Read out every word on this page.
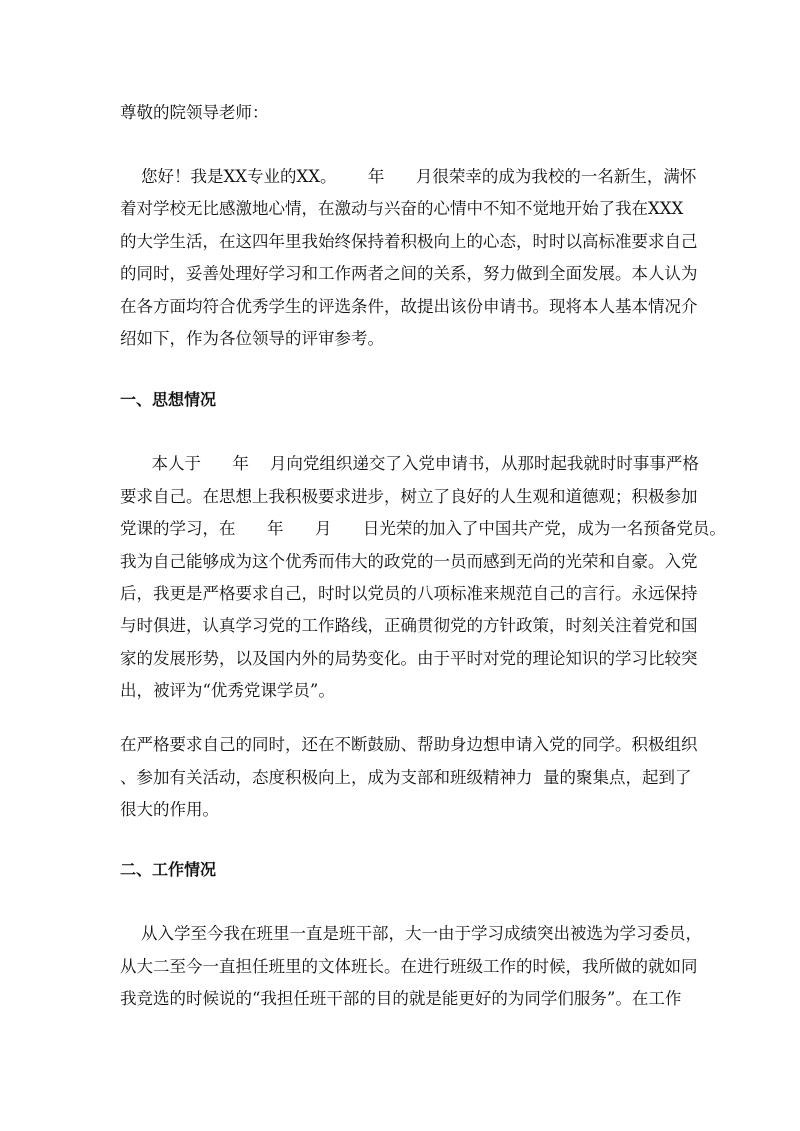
尊敬的院领导老师：
您好！我是XX专业的XX。      年      月很荣幸的成为我校的一名新生，满怀
着对学校无比感激地心情，在激动与兴奋的心情中不知不觉地开始了我在XXX
的大学生活，在这四年里我始终保持着积极向上的心态，时时以高标准要求自己
的同时，妥善处理好学习和工作两者之间的关系，努力做到全面发展。本人认为
在各方面均符合优秀学生的评选条件，故提出该份申请书。现将本人基本情况介
绍如下，作为各位领导的评审参考。
一、思想情况
本人于      年    月向党组织递交了入党申请书，从那时起我就时时事事严格
要求自己。在思想上我积极要求进步，树立了良好的人生观和道德观；积极参加
党课的学习，在      年      月      日光荣的加入了中国共产党，成为一名预备党员。
我为自己能够成为这个优秀而伟大的政党的一员而感到无尚的光荣和自豪。入党
后，我更是严格要求自己，时时以党员的八项标准来规范自己的言行。永远保持
与时俱进，认真学习党的工作路线，正确贯彻党的方针政策，时刻关注着党和国
家的发展形势，以及国内外的局势变化。由于平时对党的理论知识的学习比较突
出，被评为“优秀党课学员”。
在严格要求自己的同时，还在不断鼓励、帮助身边想申请入党的同学。积极组织
、参加有关活动，态度积极向上，成为支部和班级精神力  量的聚集点，起到了
很大的作用。
二、工作情况
从入学至今我在班里一直是班干部，大一由于学习成绩突出被选为学习委员，
从大二至今一直担任班里的文体班长。在进行班级工作的时候，我所做的就如同
我竞选的时候说的“我担任班干部的目的就是能更好的为同学们服务”。在工作
